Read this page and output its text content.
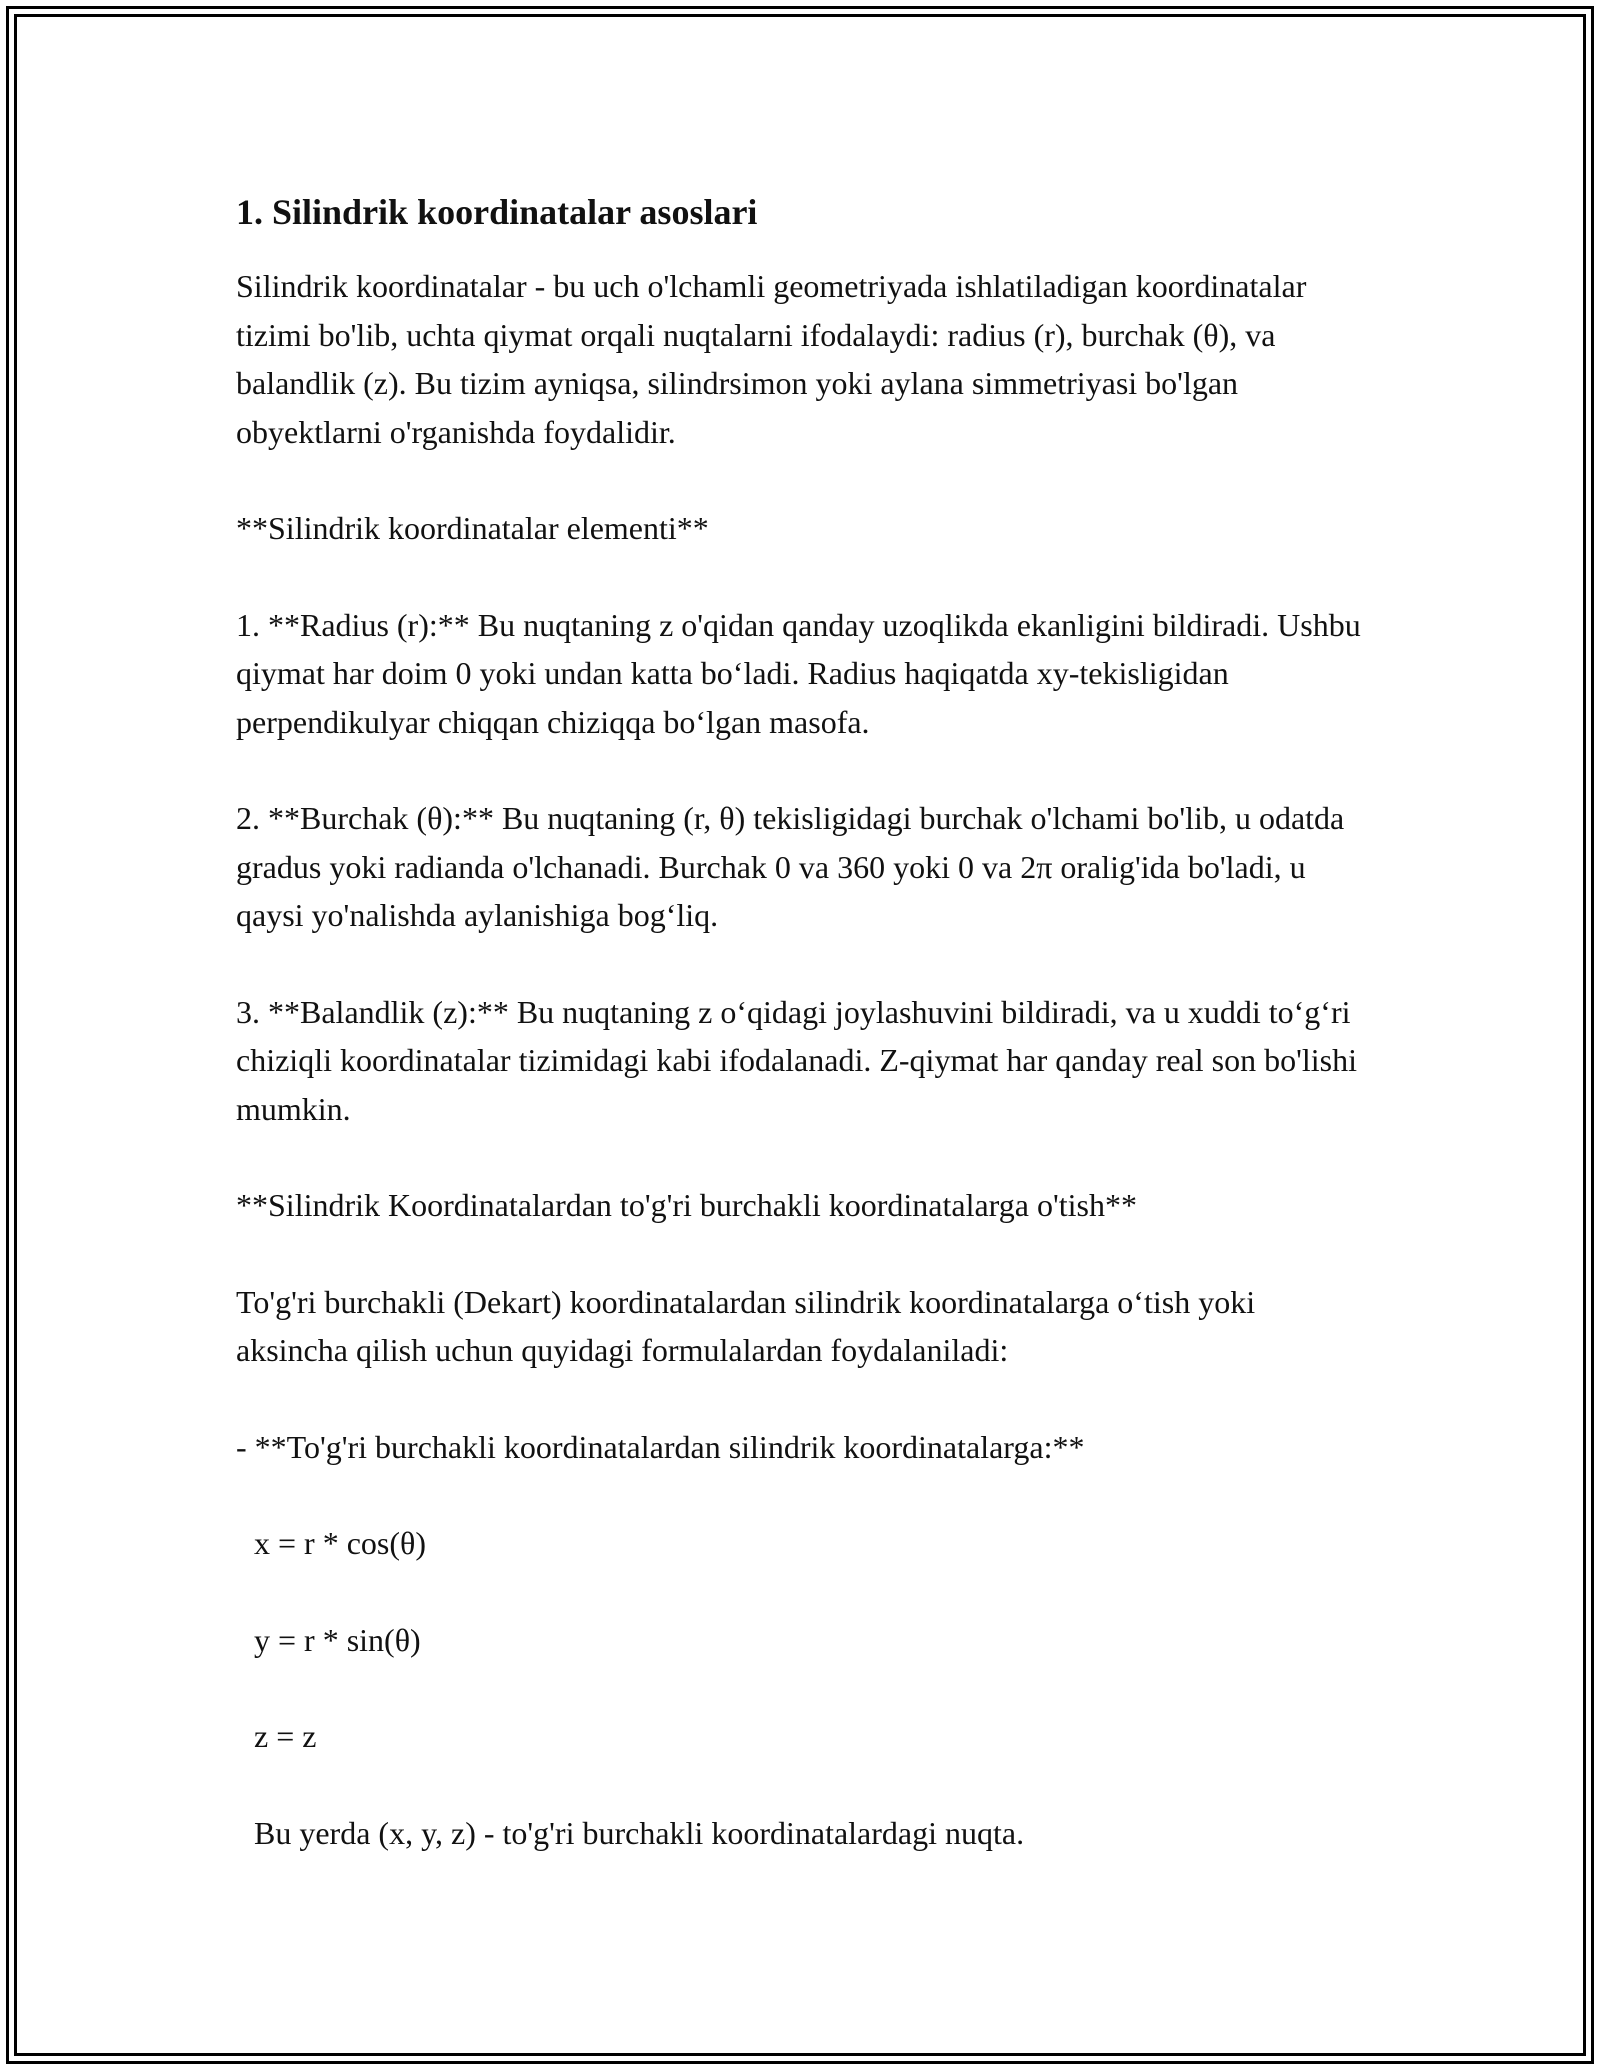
1. Silindrik koordinatalar asoslari

Silindrik koordinatalar - bu uch o'lchamli geometriyada ishlatiladigan koordinatalar tizimi bo'lib, uchta qiymat orqali nuqtalarni ifodalaydi: radius (r), burchak (θ), va balandlik (z). Bu tizim ayniqsa, silindrsimon yoki aylana simmetriyasi bo'lgan obyektlarni o'rganishda foydalidir.

**Silindrik koordinatalar elementi**

1. **Radius (r):** Bu nuqtaning z o'qidan qanday uzoqlikda ekanligini bildiradi. Ushbu qiymat har doim 0 yoki undan katta bo‘ladi. Radius haqiqatda xy-tekisligidan perpendikulyar chiqqan chiziqqa bo‘lgan masofa.

2. **Burchak (θ):** Bu nuqtaning (r, θ) tekisligidagi burchak o'lchami bo'lib, u odatda gradus yoki radianda o'lchanadi. Burchak 0 va 360 yoki 0 va 2π oralig'ida bo'ladi, u qaysi yo'nalishda aylanishiga bog‘liq.

3. **Balandlik (z):** Bu nuqtaning z o‘qidagi joylashuvini bildiradi, va u xuddi to‘g‘ri chiziqli koordinatalar tizimidagi kabi ifodalanadi. Z-qiymat har qanday real son bo'lishi mumkin.

**Silindrik Koordinatalardan to'g'ri burchakli koordinatalarga o'tish**

To'g'ri burchakli (Dekart) koordinatalardan silindrik koordinatalarga o‘tish yoki aksincha qilish uchun quyidagi formulalardan foydalaniladi:

- **To'g'ri burchakli koordinatalardan silindrik koordinatalarga:**

x = r * cos(θ)

y = r * sin(θ)

z = z

Bu yerda (x, y, z) - to'g'ri burchakli koordinatalardagi nuqta.
